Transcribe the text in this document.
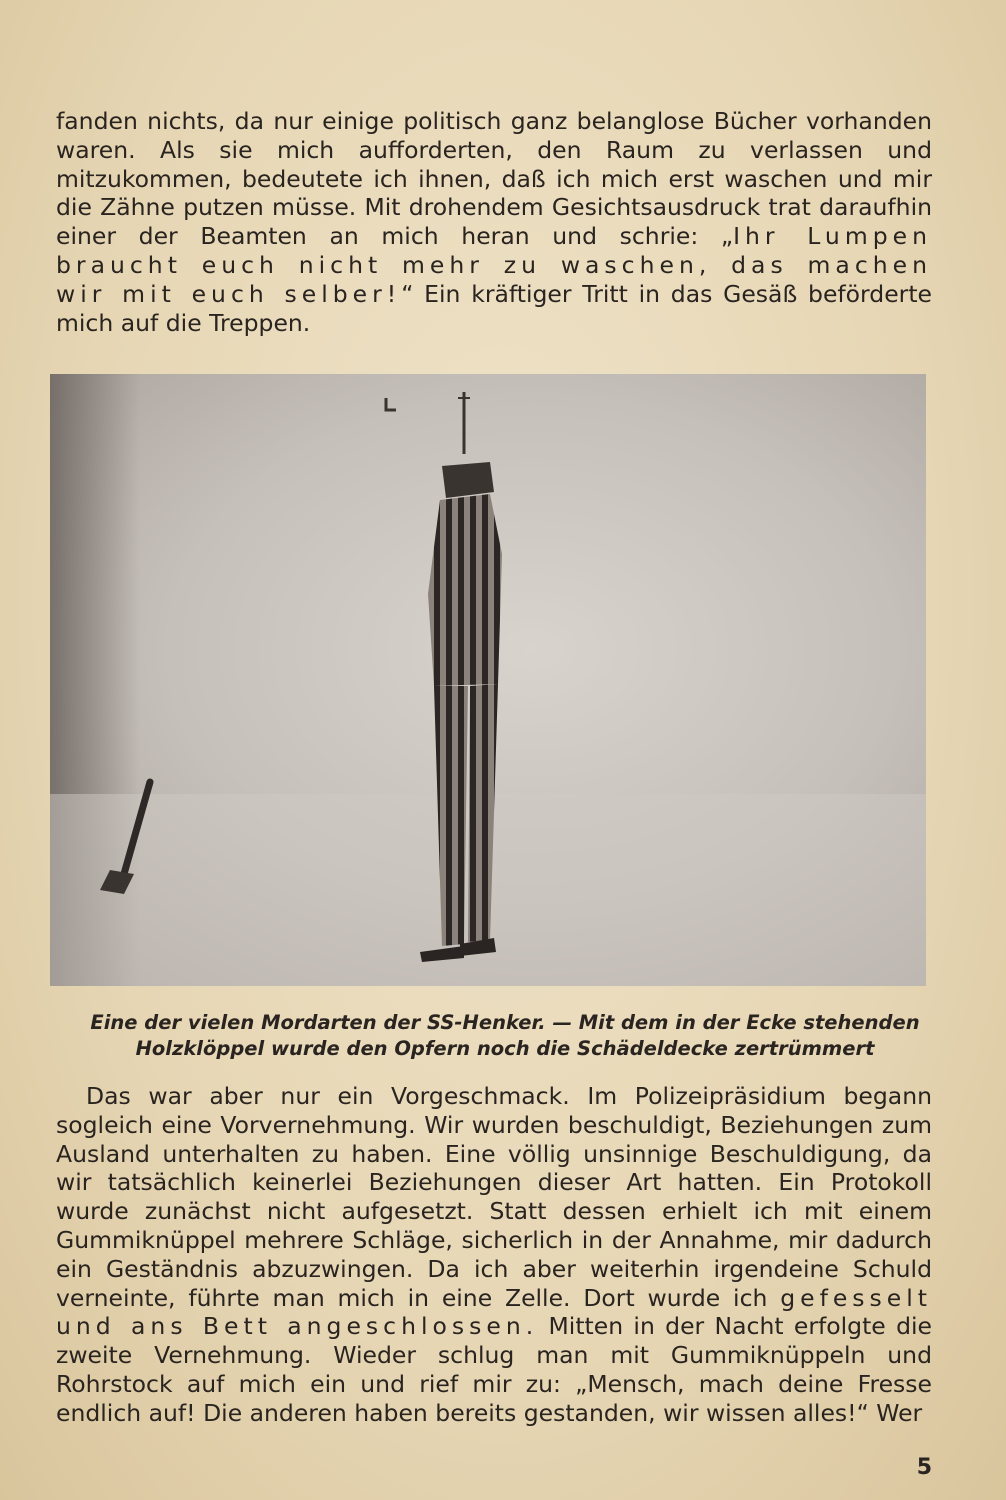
fanden nichts, da nur einige politisch ganz belanglose Bücher vorhanden waren. Als sie mich aufforderten, den Raum zu verlassen und mitzukommen, bedeutete ich ihnen, daß ich mich erst waschen und mir die Zähne putzen müsse. Mit drohendem Gesichtsausdruck trat daraufhin einer der Beamten an mich heran und schrie: „Ihr Lumpen braucht euch nicht mehr zu waschen, das machen wir mit euch selber!“ Ein kräftiger Tritt in das Gesäß beförderte mich auf die Treppen.

Eine der vielen Mordarten der SS-Henker. — Mit dem in der Ecke stehenden
Holzklöppel wurde den Opfern noch die Schädeldecke zertrümmert

Das war aber nur ein Vorgeschmack. Im Polizeipräsidium begann sogleich eine Vorvernehmung. Wir wurden beschuldigt, Beziehungen zum Ausland unterhalten zu haben. Eine völlig unsinnige Beschuldigung, da wir tatsächlich keinerlei Beziehungen dieser Art hatten. Ein Protokoll wurde zunächst nicht aufgesetzt. Statt dessen erhielt ich mit einem Gummiknüppel mehrere Schläge, sicherlich in der Annahme, mir dadurch ein Geständnis abzuzwingen. Da ich aber weiterhin irgendeine Schuld verneinte, führte man mich in eine Zelle. Dort wurde ich gefesselt und ans Bett angeschlossen. Mitten in der Nacht erfolgte die zweite Vernehmung. Wieder schlug man mit Gummiknüppeln und Rohrstock auf mich ein und rief mir zu: „Mensch, mach deine Fresse endlich auf! Die anderen haben bereits gestanden, wir wissen alles!“ Wer

5
